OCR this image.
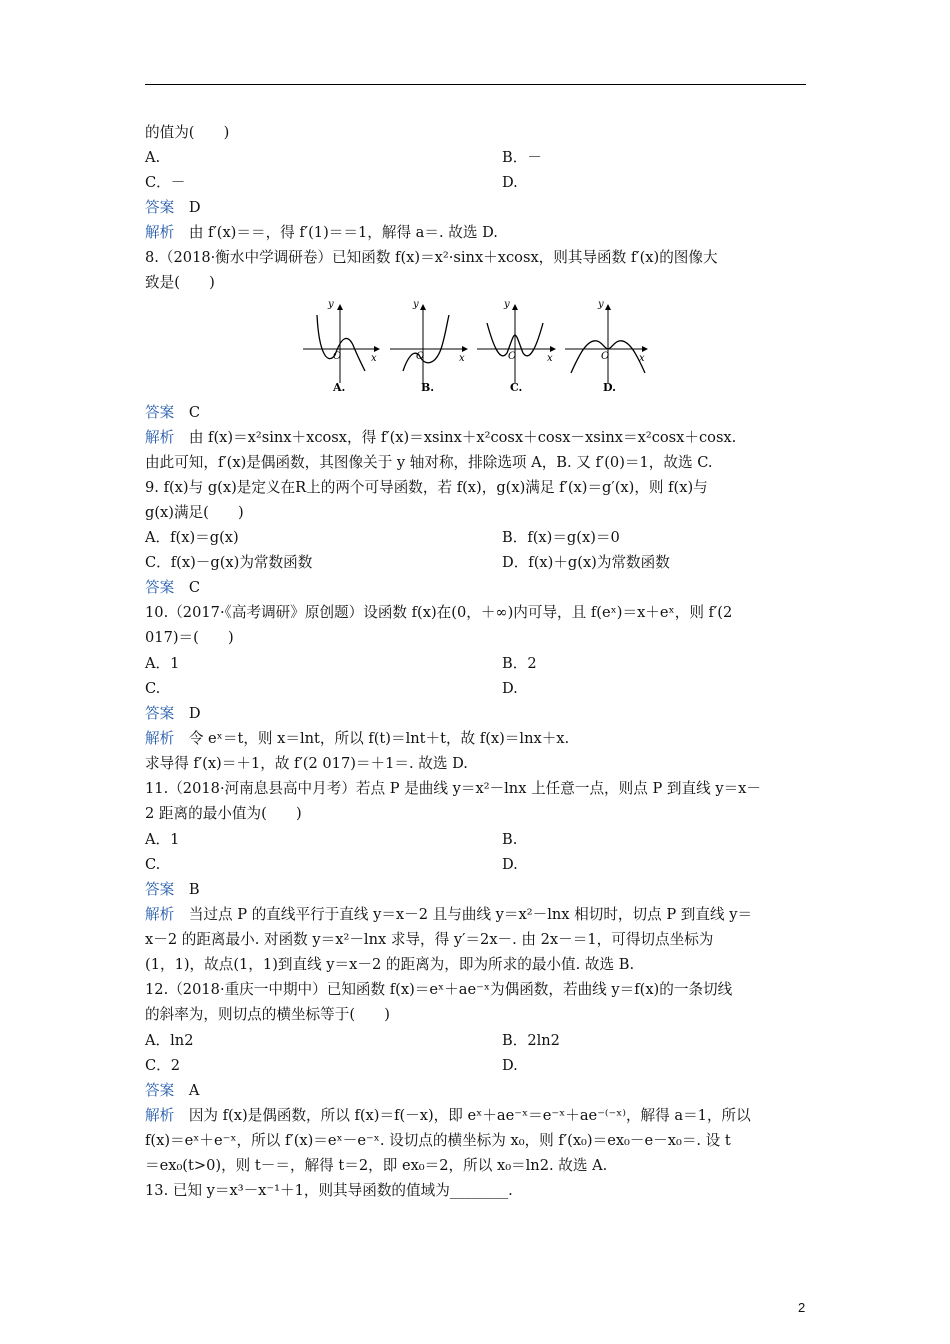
的值为(　　)
A.	B．－
C．－	D.
答案　 D
解析　 由 f′(x)＝＝，得 f′(1)＝＝1，解得 a＝. 故选 D.
8.（2018·衡水中学调研卷）已知函数 f(x)＝x²·sinx＋xcosx，则其导函数 f′(x)的图像大
致是(　　)
y
x
O
y
x
O
y
x
O
y
x
O
A.	B.	C.	D.
答案　 C
解析　 由 f(x)＝x²sinx＋xcosx，得 f′(x)＝xsinx＋x²cosx＋cosx－xsinx＝x²cosx＋cosx.
由此可知，f′(x)是偶函数，其图像关于 y 轴对称，排除选项 A，B. 又 f′(0)＝1，故选 C.
9. f(x)与 g(x)是定义在R上的两个可导函数，若 f(x)，g(x)满足 f′(x)＝g′(x)，则 f(x)与
g(x)满足(　　)
A．f(x)＝g(x)	B．f(x)＝g(x)＝0
C．f(x)－g(x)为常数函数	D．f(x)＋g(x)为常数函数
答案　 C
10.（2017·《高考调研》原创题）设函数 f(x)在(0，＋∞)内可导，且 f(eˣ)＝x＋eˣ，则 f′(2
017)＝(　　)
A．1	B．2
C.	D.
答案　 D
解析　 令 eˣ＝t，则 x＝lnt，所以 f(t)＝lnt＋t，故 f(x)＝lnx＋x.
求导得 f′(x)＝＋1，故 f′(2 017)＝＋1＝. 故选 D.
11.（2018·河南息县高中月考）若点 P 是曲线 y＝x²－lnx 上任意一点，则点 P 到直线 y＝x－
2 距离的最小值为(　　)
A．1	B.
C.	D.
答案　 B
解析　 当过点 P 的直线平行于直线 y＝x－2 且与曲线 y＝x²－lnx 相切时，切点 P 到直线 y＝
x－2 的距离最小. 对函数 y＝x²－lnx 求导，得 y′＝2x－. 由 2x－＝1，可得切点坐标为
(1，1)，故点(1，1)到直线 y＝x－2 的距离为，即为所求的最小值. 故选 B.
12.（2018·重庆一中期中）已知函数 f(x)＝eˣ＋ae⁻ˣ为偶函数，若曲线 y＝f(x)的一条切线
的斜率为，则切点的横坐标等于(　　)
A．ln2	B．2ln2
C．2	D.
答案　 A
解析　 因为 f(x)是偶函数，所以 f(x)＝f(－x)，即 eˣ＋ae⁻ˣ＝e⁻ˣ＋ae⁻⁽⁻ˣ⁾，解得 a＝1，所以
f(x)＝eˣ＋e⁻ˣ，所以 f′(x)＝eˣ－e⁻ˣ. 设切点的横坐标为 x₀，则 f′(x₀)＝ex₀－e－x₀＝. 设 t
＝ex₀(t>0)，则 t－＝，解得 t＝2，即 ex₀＝2，所以 x₀＝ln2. 故选 A.
13. 已知 y＝x³－x⁻¹＋1，则其导函数的值域为________.
2
